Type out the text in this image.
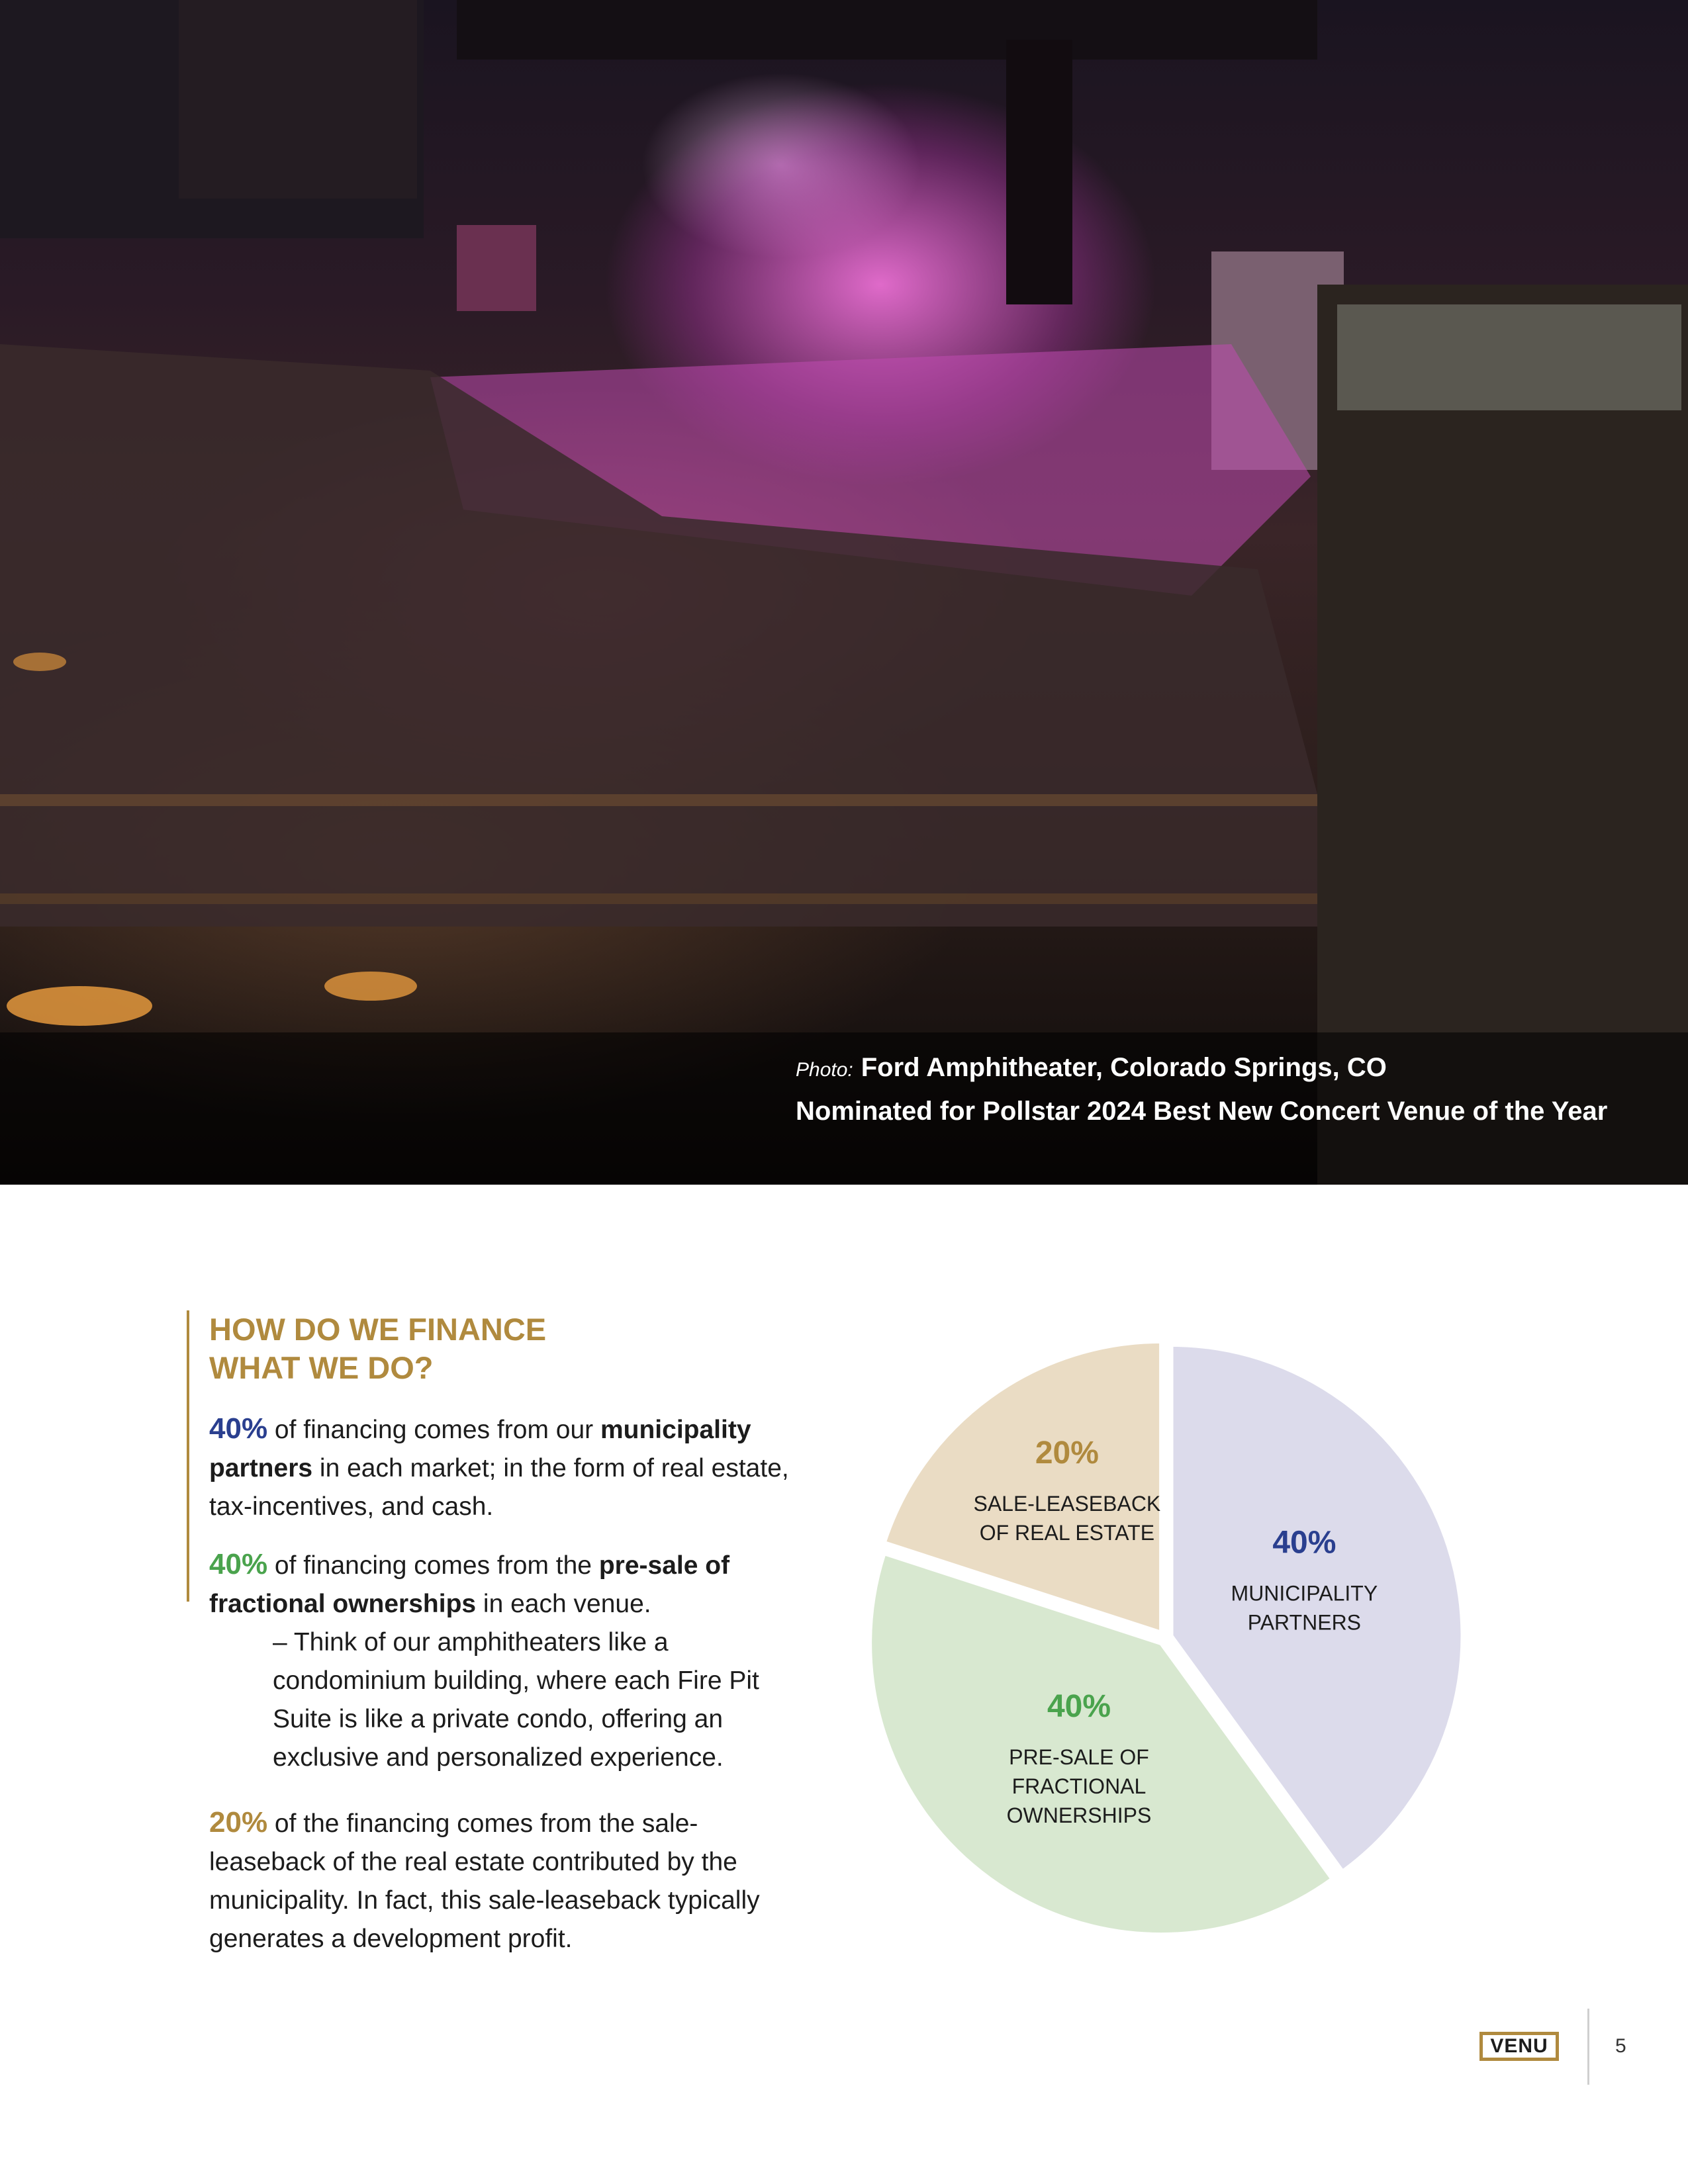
Photo: Ford Amphitheater, Colorado Springs, CO
Nominated for Pollstar 2024 Best New Concert Venue of the Year
HOW DO WE FINANCE
WHAT WE DO?

40% of financing comes from our municipality partners in each market; in the form of real estate, tax-incentives, and cash.

40% of financing comes from the pre-sale of fractional ownerships in each venue.
– Think of our amphitheaters like a condominium building, where each Fire Pit Suite is like a private condo, offering an exclusive and personalized experience.

20% of the financing comes from the sale-leaseback of the real estate contributed by the municipality. In fact, this sale-leaseback typically generates a development profit.

40%
MUNICIPALITY
PARTNERS
40%
PRE-SALE OF
FRACTIONAL
OWNERSHIPS
20%
SALE-LEASEBACK
OF REAL ESTATE
VENU	5
